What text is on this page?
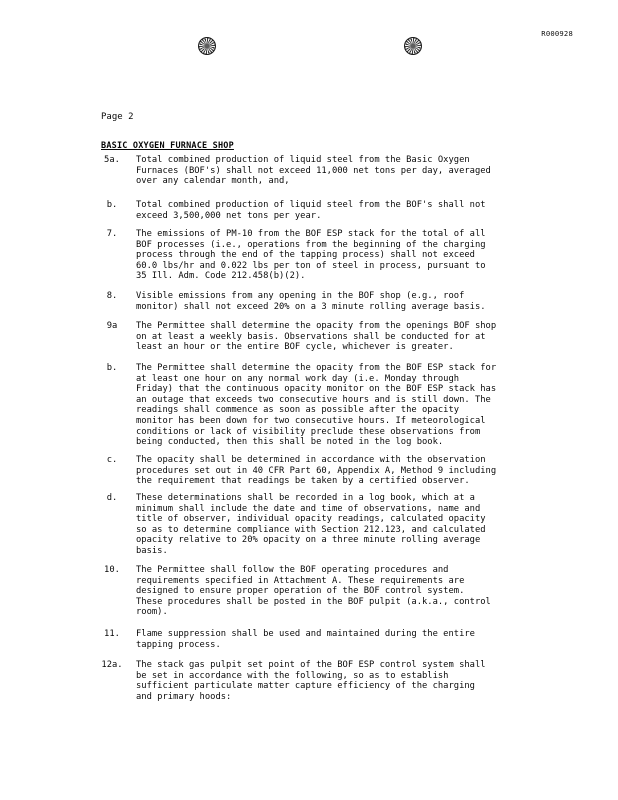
R000928
Page 2
BASIC OXYGEN FURNACE SHOP
5a.	Total combined production of liquid steel from the Basic Oxygen
Furnaces (BOF's) shall not exceed 11,000 net tons per day, averaged
over any calendar month, and,
b.	Total combined production of liquid steel from the BOF's shall not
exceed 3,500,000 net tons per year.
7.	The emissions of PM-10 from the BOF ESP stack for the total of all
BOF processes (i.e., operations from the beginning of the charging
process through the end of the tapping process) shall not exceed
60.0 lbs/hr and 0.022 lbs per ton of steel in process, pursuant to
35 Ill. Adm. Code 212.458(b)(2).
8.	Visible emissions from any opening in the BOF shop (e.g., roof
monitor) shall not exceed 20% on a 3 minute rolling average basis.
9a	The Permittee shall determine the opacity from the openings BOF shop
on at least a weekly basis. Observations shall be conducted for at
least an hour or the entire BOF cycle, whichever is greater.
b.	The Permittee shall determine the opacity from the BOF ESP stack for
at least one hour on any normal work day (i.e. Monday through
Friday) that the continuous opacity monitor on the BOF ESP stack has
an outage that exceeds two consecutive hours and is still down. The
readings shall commence as soon as possible after the opacity
monitor has been down for two consecutive hours. If meteorological
conditions or lack of visibility preclude these observations from
being conducted, then this shall be noted in the log book.
c.	The opacity shall be determined in accordance with the observation
procedures set out in 40 CFR Part 60, Appendix A, Method 9 including
the requirement that readings be taken by a certified observer.
d.	These determinations shall be recorded in a log book, which at a
minimum shall include the date and time of observations, name and
title of observer, individual opacity readings, calculated opacity
so as to determine compliance with Section 212.123, and calculated
opacity relative to 20% opacity on a three minute rolling average
basis.
10.	The Permittee shall follow the BOF operating procedures and
requirements specified in Attachment A. These requirements are
designed to ensure proper operation of the BOF control system.
These procedures shall be posted in the BOF pulpit (a.k.a., control
room).
11.	Flame suppression shall be used and maintained during the entire
tapping process.
12a. The stack gas pulpit set point of the BOF ESP control system shall
be set in accordance with the following, so as to establish
sufficient particulate matter capture efficiency of the charging
and primary hoods:
